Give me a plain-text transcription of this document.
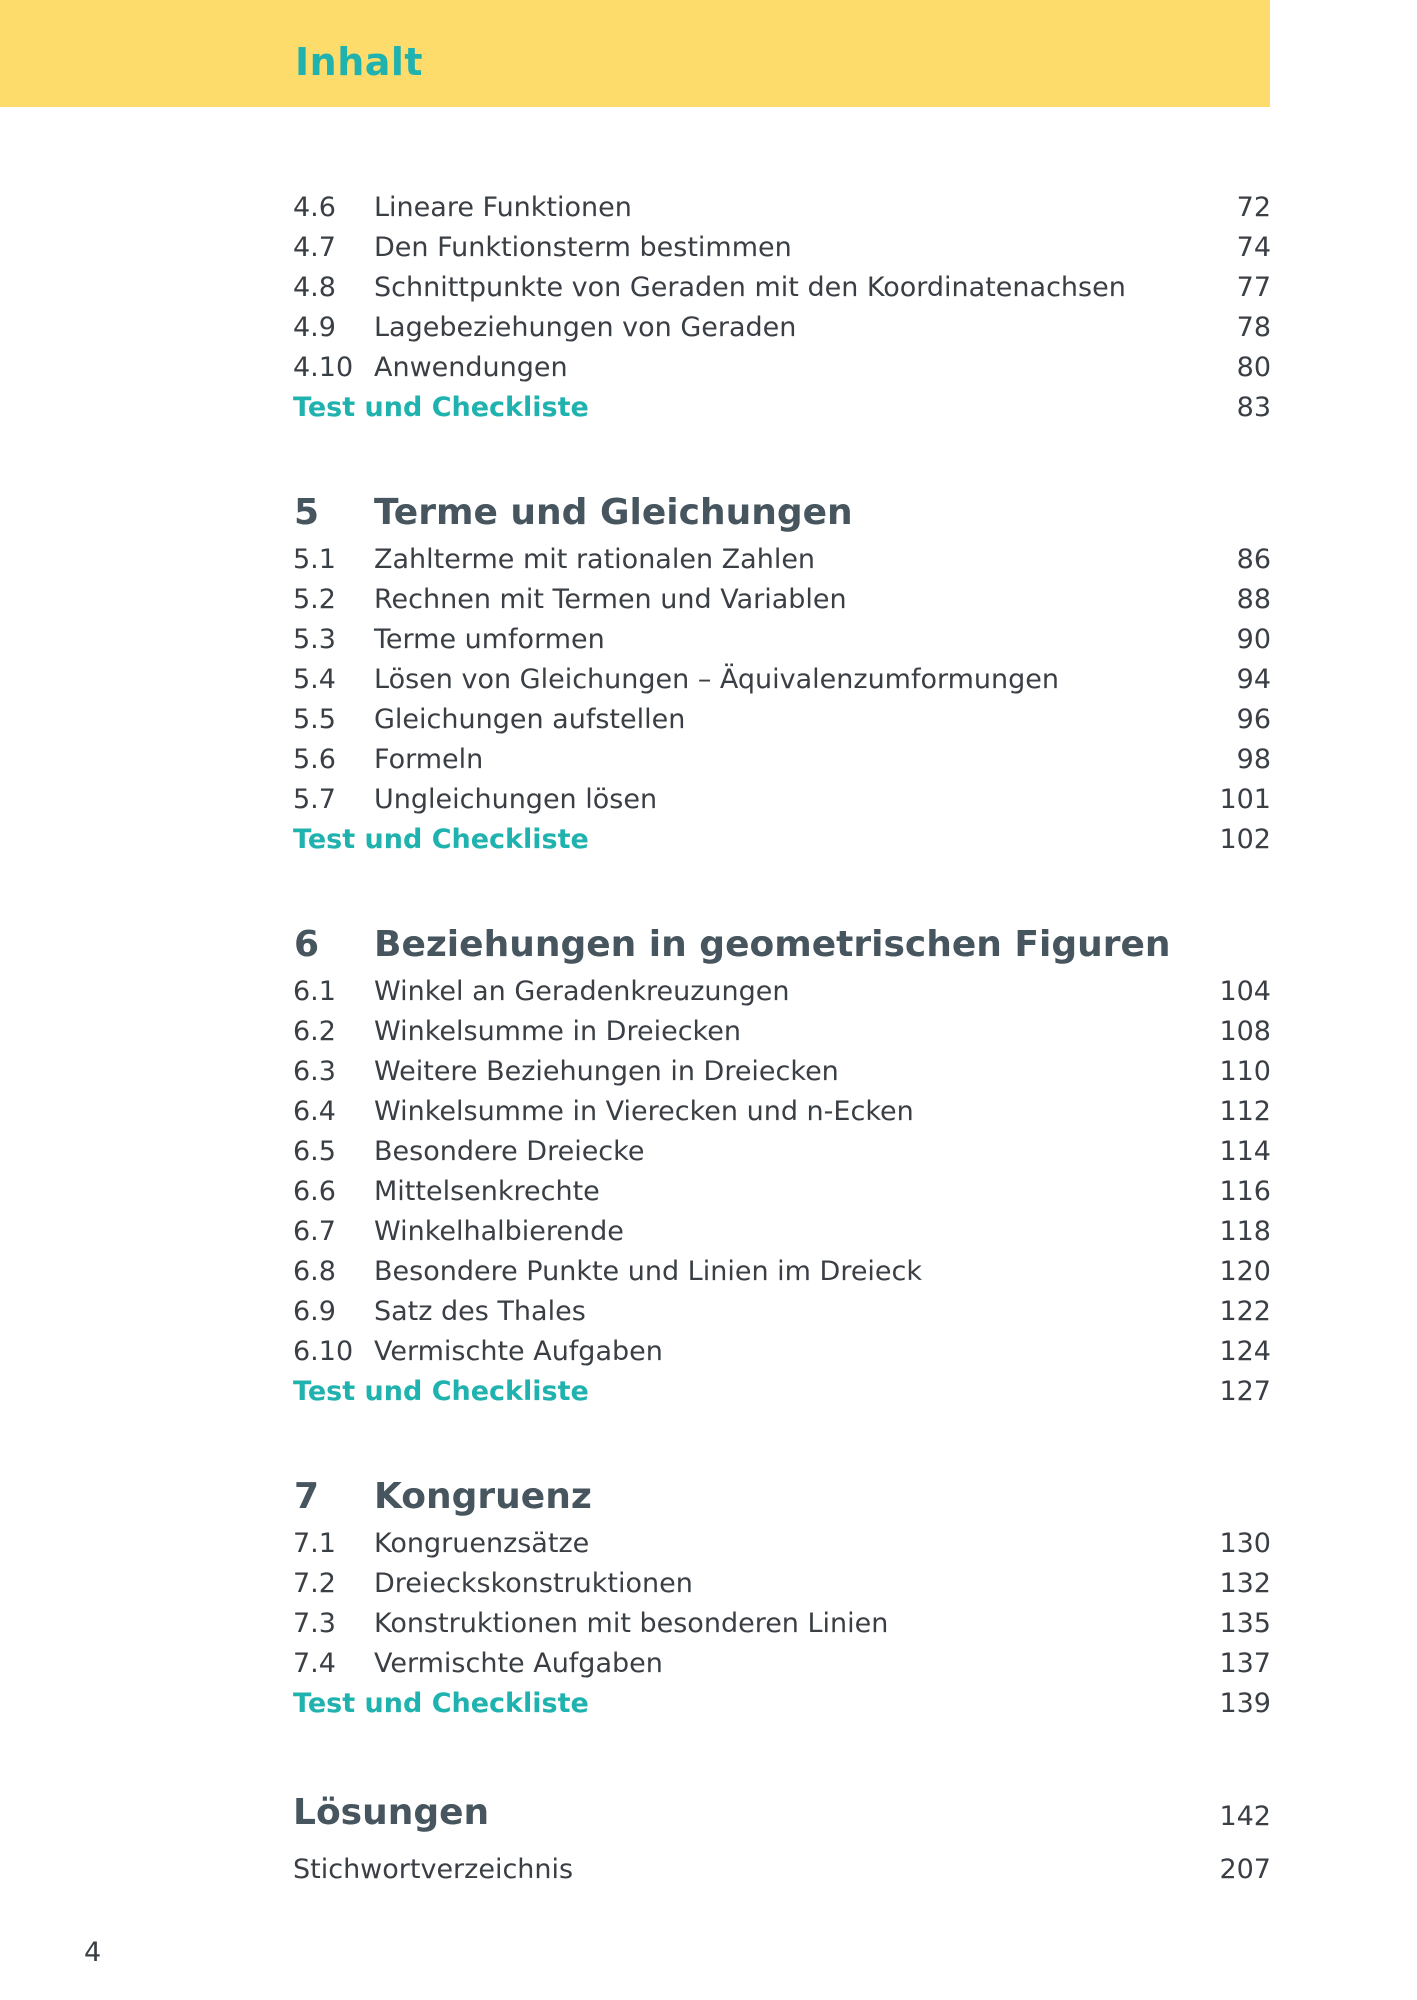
Inhalt
4.6 Lineare Funktionen	72
4.7 Den Funktionsterm bestimmen	74
4.8 Schnittpunkte von Geraden mit den Koordinatenachsen	77
4.9 Lagebeziehungen von Geraden	78
4.10 Anwendungen	80
Test und Checkliste	83
5 Terme und Gleichungen
5.1 Zahlterme mit rationalen Zahlen	86
5.2 Rechnen mit Termen und Variablen	88
5.3 Terme umformen	90
5.4 Lösen von Gleichungen – Äquivalenzumformungen	94
5.5 Gleichungen aufstellen	96
5.6 Formeln	98
5.7 Ungleichungen lösen	101
Test und Checkliste	102
6 Beziehungen in geometrischen Figuren
6.1 Winkel an Geradenkreuzungen	104
6.2 Winkelsumme in Dreiecken	108
6.3 Weitere Beziehungen in Dreiecken	110
6.4 Winkelsumme in Vierecken und n-Ecken	112
6.5 Besondere Dreiecke	114
6.6 Mittelsenkrechte	116
6.7 Winkelhalbierende	118
6.8 Besondere Punkte und Linien im Dreieck	120
6.9 Satz des Thales	122
6.10 Vermischte Aufgaben	124
Test und Checkliste	127
7 Kongruenz
7.1 Kongruenzsätze	130
7.2 Dreieckskonstruktionen	132
7.3 Konstruktionen mit besonderen Linien	135
7.4 Vermischte Aufgaben	137
Test und Checkliste	139
Lösungen	142
Stichwortverzeichnis	207
4
